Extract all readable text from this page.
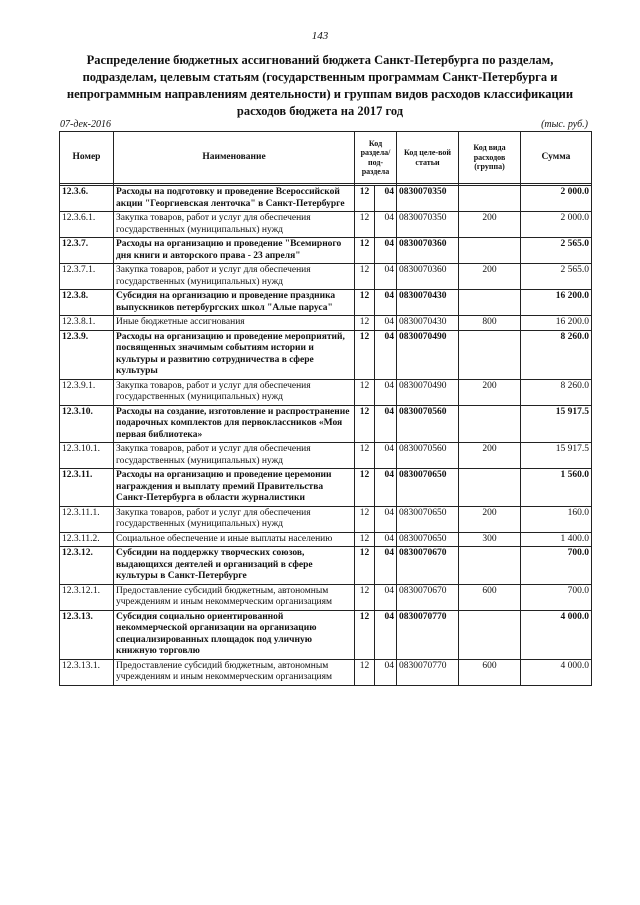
143
Распределение бюджетных ассигнований бюджета Санкт-Петербурга по разделам, подразделам, целевым статьям (государственным программам Санкт-Петербурга и непрограммным направлениям деятельности) и группам видов расходов классификации расходов бюджета на 2017 год
07-дек-2016	(тыс. руб.)
Номер	Наименование	Код раздела/ под-раздела		Код целе-вой статьи	Код вида расходов (группа)	Сумма

12.3.6.	Расходы на подготовку и проведение Всероссийской акции "Георгиевская ленточка" в Санкт-Петербурге	12	04	0830070350		2 000.0
12.3.6.1.	Закупка товаров, работ и услуг для обеспечения государственных (муниципальных) нужд	12	04	0830070350	200	2 000.0
12.3.7.	Расходы на организацию и проведение "Всемирного дня книги и авторского права - 23 апреля"	12	04	0830070360		2 565.0
12.3.7.1.	Закупка товаров, работ и услуг для обеспечения государственных (муниципальных) нужд	12	04	0830070360	200	2 565.0
12.3.8.	Субсидия на организацию и проведение праздника выпускников петербургских школ "Алые паруса"	12	04	0830070430		16 200.0
12.3.8.1.	Иные бюджетные ассигнования	12	04	0830070430	800	16 200.0
12.3.9.	Расходы на организацию и проведение мероприятий, посвященных значимым событиям истории и культуры и развитию сотрудничества в сфере культуры	12	04	0830070490		8 260.0
12.3.9.1.	Закупка товаров, работ и услуг для обеспечения государственных (муниципальных) нужд	12	04	0830070490	200	8 260.0
12.3.10.	Расходы на создание, изготовление и распространение подарочных комплектов для первоклассников «Моя первая библиотека»	12	04	0830070560		15 917.5
12.3.10.1.	Закупка товаров, работ и услуг для обеспечения государственных (муниципальных) нужд	12	04	0830070560	200	15 917.5
12.3.11.	Расходы на организацию и проведение церемонии награждения и выплату премий Правительства Санкт-Петербурга в области журналистики	12	04	0830070650		1 560.0
12.3.11.1.	Закупка товаров, работ и услуг для обеспечения государственных (муниципальных) нужд	12	04	0830070650	200	160.0
12.3.11.2.	Социальное обеспечение и иные выплаты населению	12	04	0830070650	300	1 400.0
12.3.12.	Субсидии на поддержку творческих союзов, выдающихся деятелей и организаций в сфере культуры в Санкт-Петербурге	12	04	0830070670		700.0
12.3.12.1.	Предоставление субсидий бюджетным, автономным учреждениям и иным некоммерческим организациям	12	04	0830070670	600	700.0
12.3.13.	Субсидия социально ориентированной некоммерческой организации на организацию специализированных площадок под уличную книжную торговлю	12	04	0830070770		4 000.0
12.3.13.1.	Предоставление субсидий бюджетным, автономным учреждениям и иным некоммерческим организациям	12	04	0830070770	600	4 000.0
